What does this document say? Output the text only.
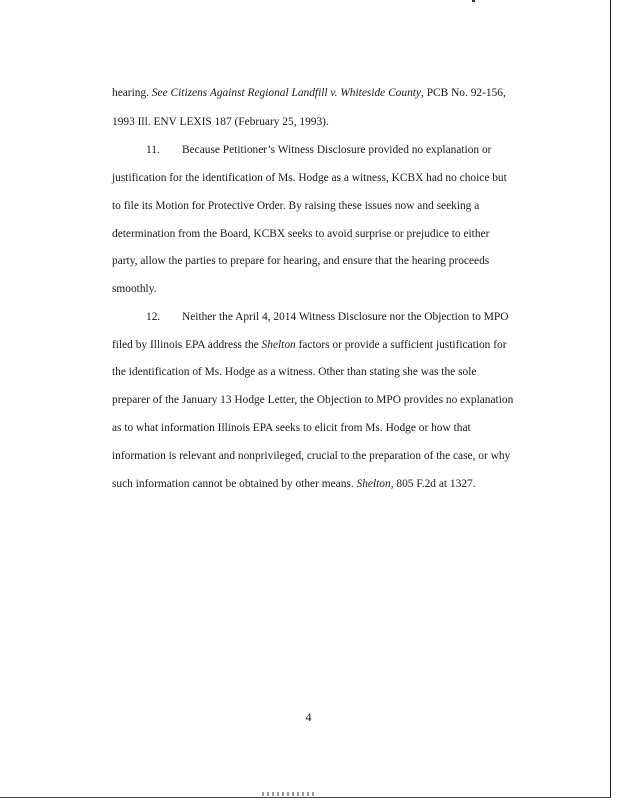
hearing. See Citizens Against Regional Landfill v. Whiteside County, PCB No. 92-156,
1993 Ill. ENV LEXIS 187 (February 25, 1993).
11. Because Petitioner’s Witness Disclosure provided no explanation or
justification for the identification of Ms. Hodge as a witness, KCBX had no choice but
to file its Motion for Protective Order. By raising these issues now and seeking a
determination from the Board, KCBX seeks to avoid surprise or prejudice to either
party, allow the parties to prepare for hearing, and ensure that the hearing proceeds
smoothly.
12. Neither the April 4, 2014 Witness Disclosure nor the Objection to MPO
filed by Illinois EPA address the Shelton factors or provide a sufficient justification for
the identification of Ms. Hodge as a witness. Other than stating she was the sole
preparer of the January 13 Hodge Letter, the Objection to MPO provides no explanation
as to what information Illinois EPA seeks to elicit from Ms. Hodge or how that
information is relevant and nonprivileged, crucial to the preparation of the case, or why
such information cannot be obtained by other means. Shelton, 805 F.2d at 1327.
4
